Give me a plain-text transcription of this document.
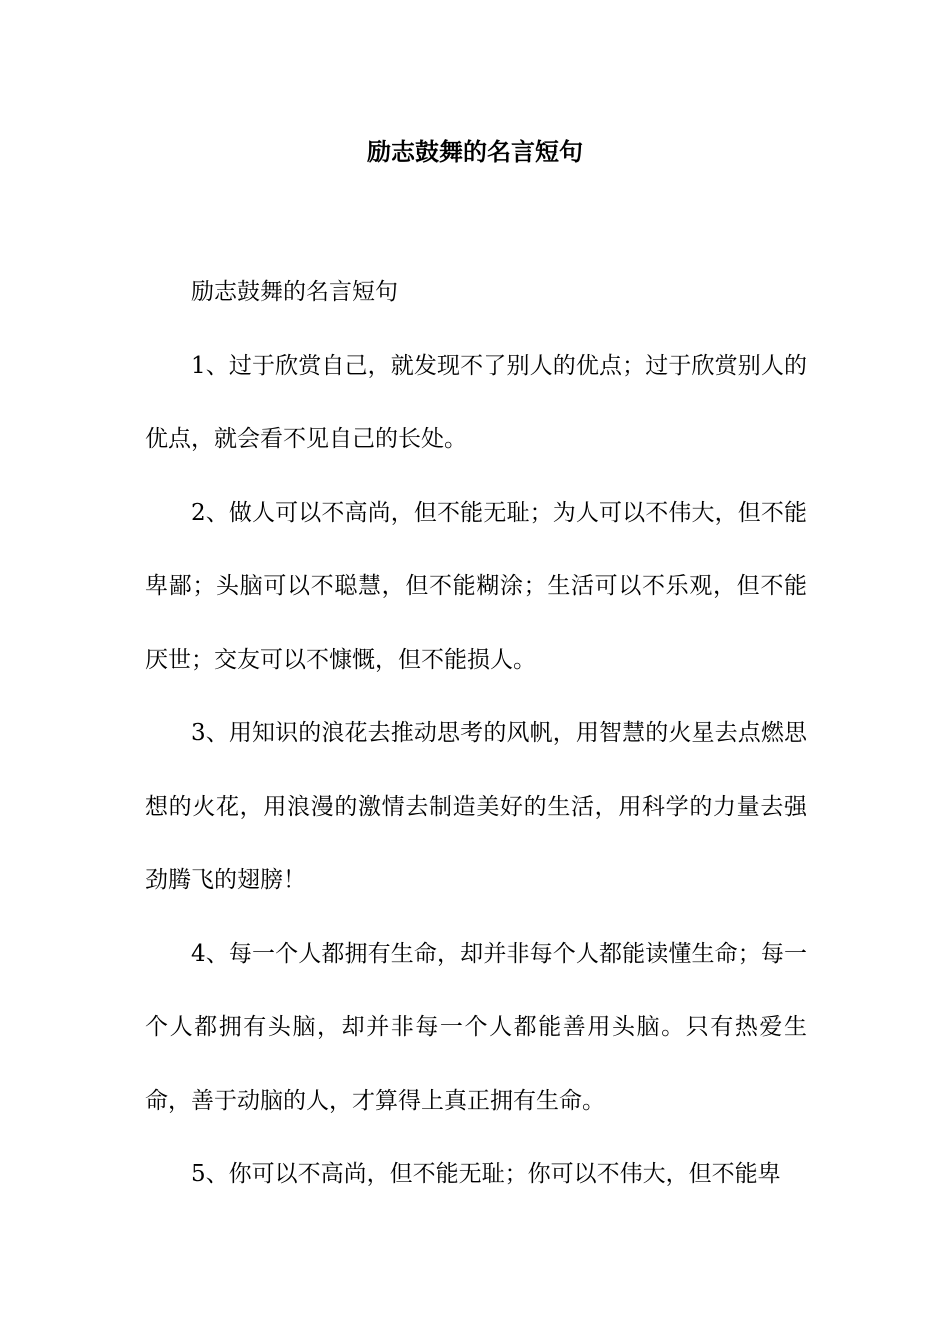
励志鼓舞的名言短句

励志鼓舞的名言短句

1、过于欣赏自己，就发现不了别人的优点；过于欣赏别人的优点，就会看不见自己的长处。

2、做人可以不高尚，但不能无耻；为人可以不伟大，但不能卑鄙；头脑可以不聪慧，但不能糊涂；生活可以不乐观，但不能厌世；交友可以不慷慨，但不能损人。

3、用知识的浪花去推动思考的风帆，用智慧的火星去点燃思想的火花，用浪漫的激情去制造美好的生活，用科学的力量去强劲腾飞的翅膀！

4、每一个人都拥有生命，却并非每个人都能读懂生命；每一个人都拥有头脑，却并非每一个人都能善用头脑。只有热爱生命，善于动脑的人，才算得上真正拥有生命。

5、你可以不高尚，但不能无耻；你可以不伟大，但不能卑
